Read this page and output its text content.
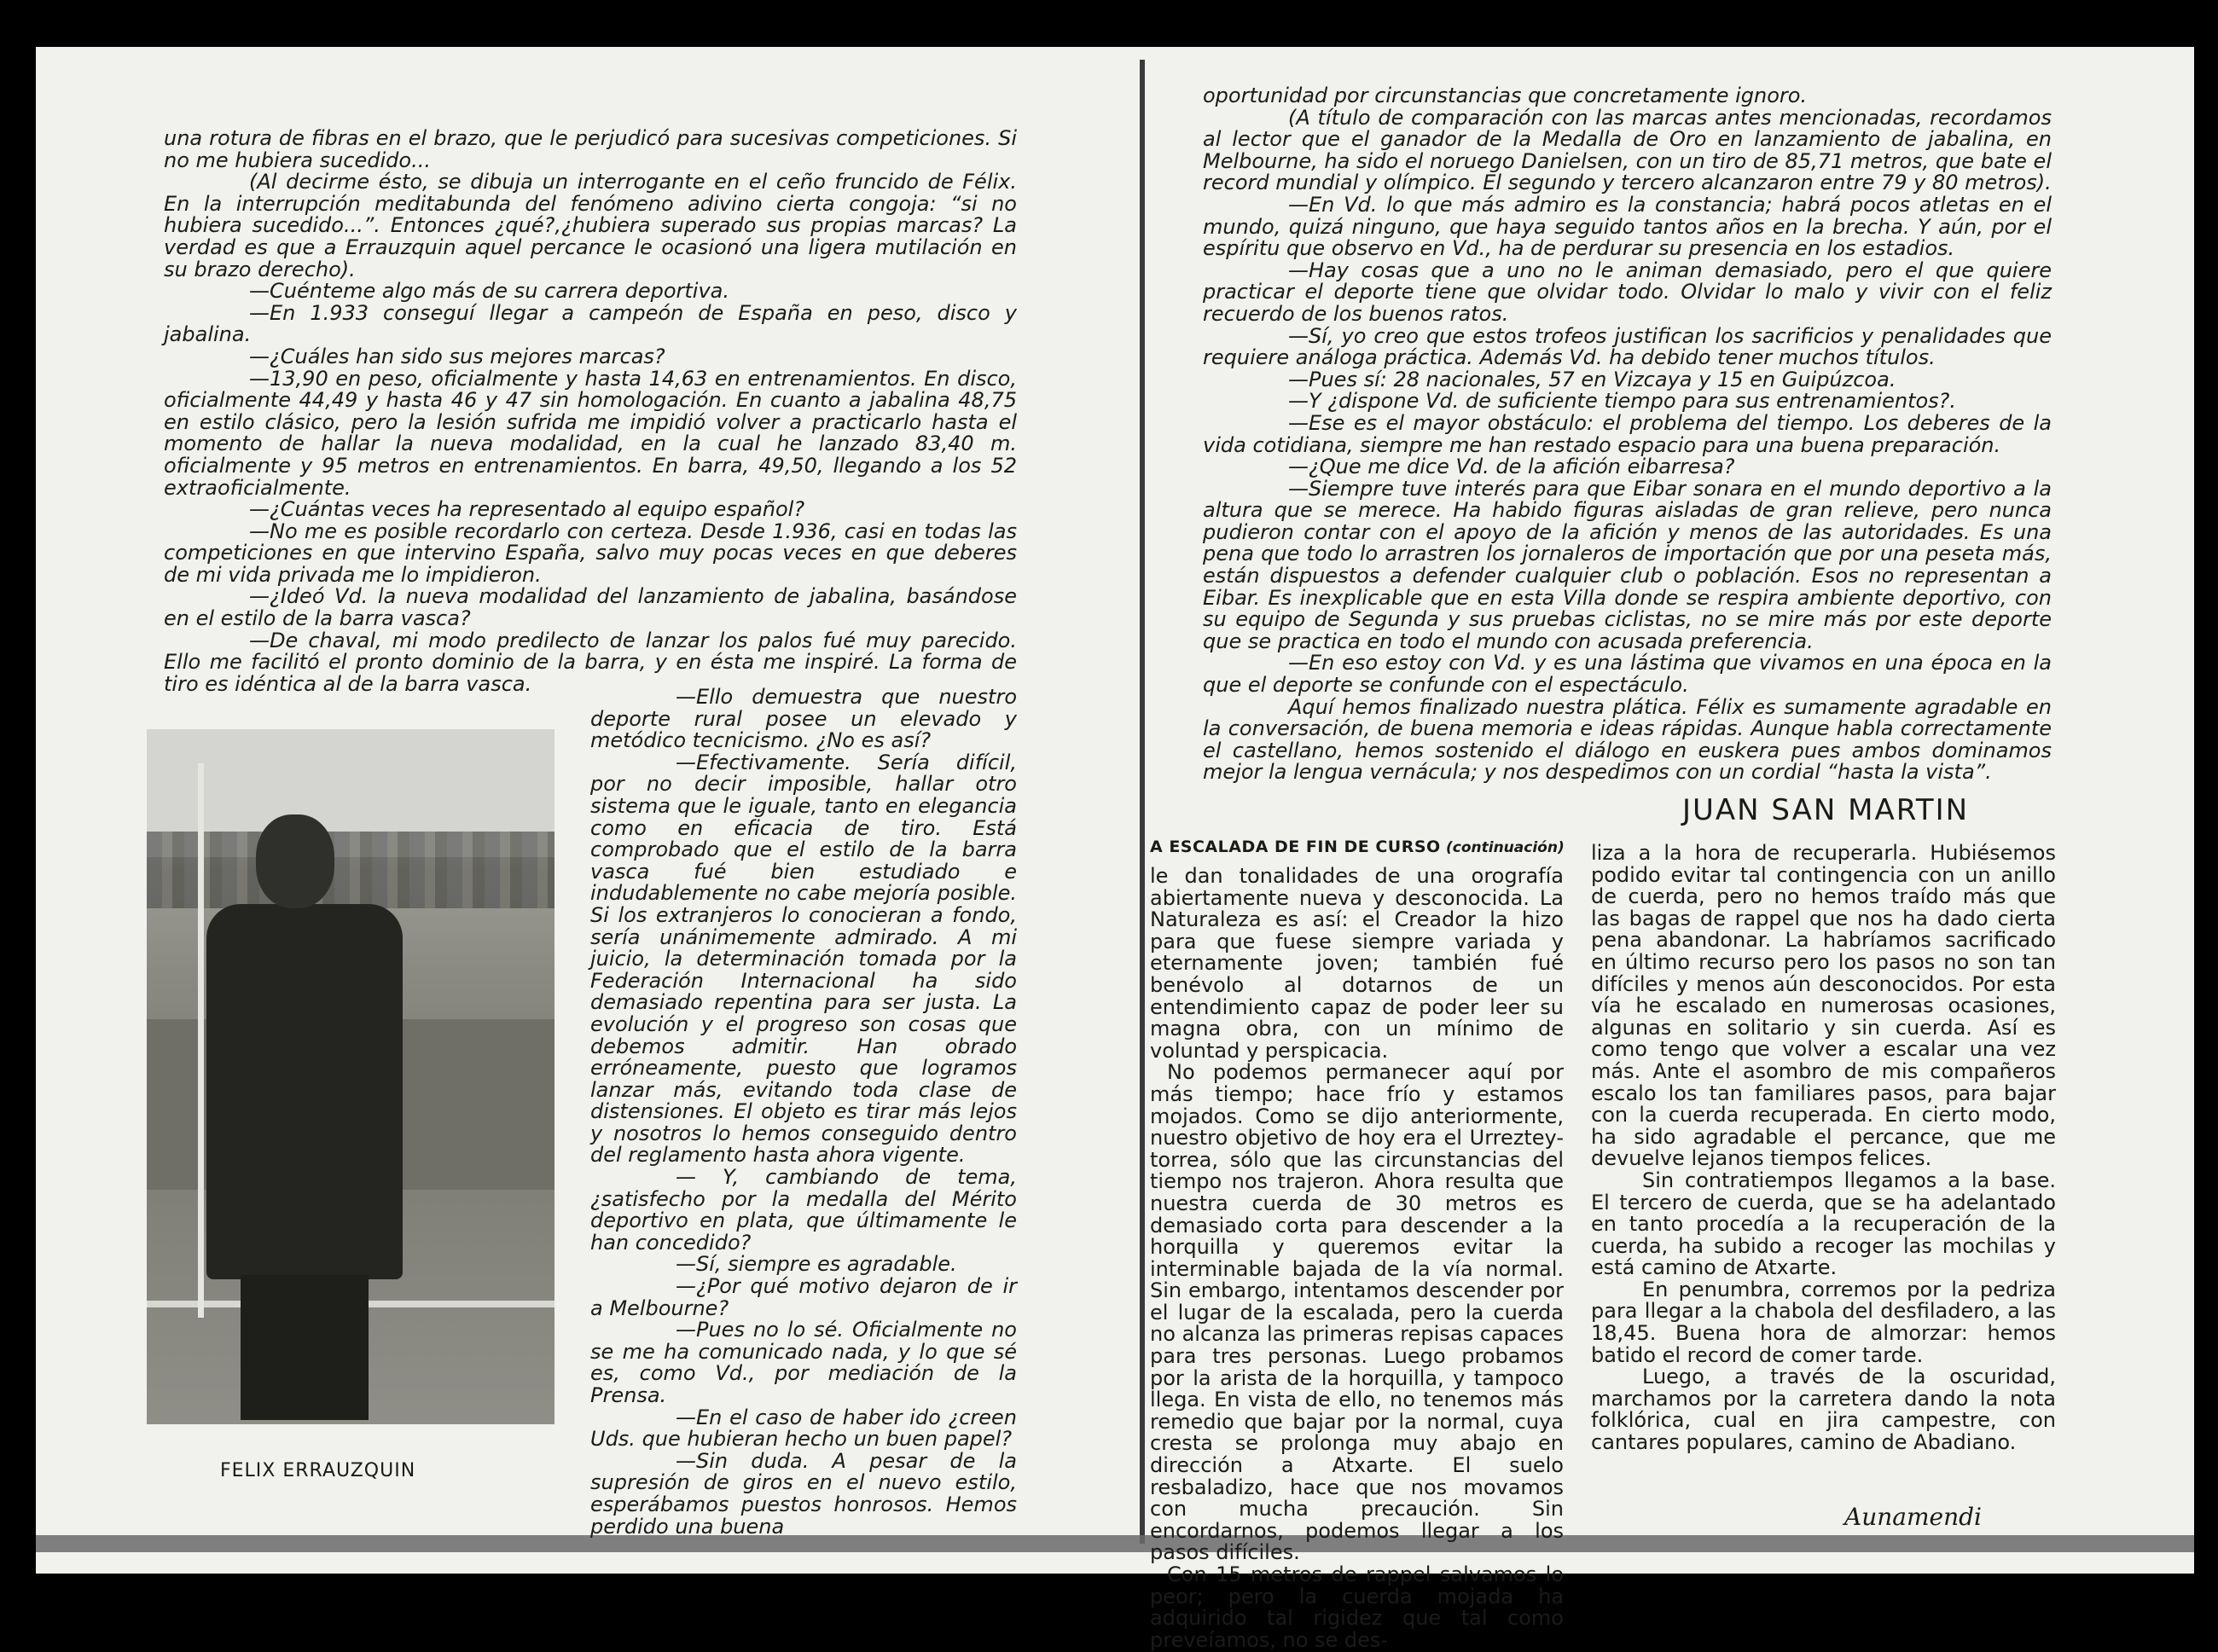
una rotura de fibras en el brazo, que le perjudicó para sucesivas competiciones. Si no me hubiera sucedido...

(Al decirme ésto, se dibuja un interrogante en el ceño fruncido de Félix. En la interrupción meditabunda del fenómeno adivino cierta congoja: “si no hubiera sucedido...”. Entonces ¿qué?,¿hubiera superado sus propias marcas? La verdad es que a Errauzquin aquel percance le ocasionó una ligera mutilación en su brazo derecho).

—Cuénteme algo más de su carrera deportiva.

—En 1.933 conseguí llegar a campeón de España en peso, disco y jabalina.

—¿Cuáles han sido sus mejores marcas?

—13,90 en peso, oficialmente y hasta 14,63 en entrenamientos. En disco, oficialmente 44,49 y hasta 46 y 47 sin homologación. En cuanto a jabalina 48,75 en estilo clásico, pero la lesión sufrida me impidió volver a practicarlo hasta el momento de hallar la nueva modalidad, en la cual he lanzado 83,40 m. oficialmente y 95 metros en entrenamientos. En barra, 49,50, llegando a los 52 extraoficialmente.

—¿Cuántas veces ha representado al equipo español?

—No me es posible recordarlo con certeza. Desde 1.936, casi en todas las competiciones en que intervino España, salvo muy pocas veces en que deberes de mi vida privada me lo impidieron.

—¿Ideó Vd. la nueva modalidad del lanzamiento de jabalina, basándose en el estilo de la barra vasca?

—De chaval, mi modo predilecto de lanzar los palos fué muy parecido. Ello me facilitó el pronto dominio de la barra, y en ésta me inspiré. La forma de tiro es idéntica al de la barra vasca.

FELIX ERRAUZQUIN

—Ello demuestra que nuestro deporte rural posee un elevado y metódico tecnicismo. ¿No es así?

—Efectivamente. Sería difícil, por no decir imposible, hallar otro sistema que le iguale, tanto en elegancia como en eficacia de tiro. Está comprobado que el estilo de la barra vasca fué bien estudiado e indudablemente no cabe mejoría posible. Si los extranjeros lo conocieran a fondo, sería unánimemente admirado. A mi juicio, la determinación tomada por la Federación Internacional ha sido demasiado repentina para ser justa. La evolución y el progreso son cosas que debemos admitir. Han obrado erróneamente, puesto que logramos lanzar más, evitando toda clase de distensiones. El objeto es tirar más lejos y nosotros lo hemos conseguido dentro del reglamento hasta ahora vigente.

— Y, cambiando de tema, ¿satisfecho por la medalla del Mérito deportivo en plata, que últimamente le han concedido?

—Sí, siempre es agradable.

—¿Por qué motivo dejaron de ir a Melbourne?

—Pues no lo sé. Oficialmente no se me ha comunicado nada, y lo que sé es, como Vd., por mediación de la Prensa.

—En el caso de haber ido ¿creen Uds. que hubieran hecho un buen papel?

—Sin duda. A pesar de la supresión de giros en el nuevo estilo, esperábamos puestos honrosos. Hemos perdido una buena

oportunidad por circunstancias que concretamente ignoro.

(A título de comparación con las marcas antes mencionadas, recordamos al lector que el ganador de la Medalla de Oro en lanzamiento de jabalina, en Melbourne, ha sido el noruego Danielsen, con un tiro de 85,71 metros, que bate el record mundial y olímpico. El segundo y tercero alcanzaron entre 79 y 80 metros).

—En Vd. lo que más admiro es la constancia; habrá pocos atletas en el mundo, quizá ninguno, que haya seguido tantos años en la brecha. Y aún, por el espíritu que observo en Vd., ha de perdurar su presencia en los estadios.

—Hay cosas que a uno no le animan demasiado, pero el que quiere practicar el deporte tiene que olvidar todo. Olvidar lo malo y vivir con el feliz recuerdo de los buenos ratos.

—Sí, yo creo que estos trofeos justifican los sacrificios y penalidades que requiere análoga práctica. Además Vd. ha debido tener muchos títulos.

—Pues sí: 28 nacionales, 57 en Vizcaya y 15 en Guipúzcoa.

—Y ¿dispone Vd. de suficiente tiempo para sus entrenamientos?.

—Ese es el mayor obstáculo: el problema del tiempo. Los deberes de la vida cotidiana, siempre me han restado espacio para una buena preparación.

—¿Que me dice Vd. de la afición eibarresa?

—Siempre tuve interés para que Eibar sonara en el mundo deportivo a la altura que se merece. Ha habido figuras aisladas de gran relieve, pero nunca pudieron contar con el apoyo de la afición y menos de las autoridades. Es una pena que todo lo arrastren los jornaleros de importación que por una peseta más, están dispuestos a defender cualquier club o población. Esos no representan a Eibar. Es inexplicable que en esta Villa donde se respira ambiente deportivo, con su equipo de Segunda y sus pruebas ciclistas, no se mire más por este deporte que se practica en todo el mundo con acusada preferencia.

—En eso estoy con Vd. y es una lástima que vivamos en una época en la que el deporte se confunde con el espectáculo.

Aquí hemos finalizado nuestra plática. Félix es sumamente agradable en la conversación, de buena memoria e ideas rápidas. Aunque habla correctamente el castellano, hemos sostenido el diálogo en euskera pues ambos dominamos mejor la lengua vernácula; y nos despedimos con un cordial “hasta la vista”.

JUAN SAN MARTIN
A ESCALADA DE FIN DE CURSO (continuación)

le dan tonalidades de una orografía abiertamente nueva y desconocida. La Naturaleza es así: el Creador la hizo para que fuese siempre variada y eternamente joven; también fué benévolo al dotarnos de un entendimiento capaz de poder leer su magna obra, con un mínimo de voluntad y perspicacia.

No podemos permanecer aquí por más tiempo; hace frío y estamos mojados. Como se dijo anteriormente, nuestro objetivo de hoy era el Urreztey-torrea, sólo que las circunstancias del tiempo nos trajeron. Ahora resulta que nuestra cuerda de 30 metros es demasiado corta para descender a la horquilla y queremos evitar la interminable bajada de la vía normal. Sin embargo, intentamos descender por el lugar de la escalada, pero la cuerda no alcanza las primeras repisas capaces para tres personas. Luego probamos por la arista de la horquilla, y tampoco llega. En vista de ello, no tenemos más remedio que bajar por la normal, cuya cresta se prolonga muy abajo en dirección a Atxarte. El suelo resbaladizo, hace que nos movamos con mucha precaución. Sin encordarnos, podemos llegar a los pasos difíciles.

Con 15 metros de rappel salvamos lo peor; pero la cuerda mojada ha adquirido tal rigidez que tal como preveíamos, no se des-

liza a la hora de recuperarla. Hubiésemos podido evitar tal contingencia con un anillo de cuerda, pero no hemos traído más que las bagas de rappel que nos ha dado cierta pena abandonar. La habríamos sacrificado en último recurso pero los pasos no son tan difíciles y menos aún desconocidos. Por esta vía he escalado en numerosas ocasiones, algunas en solitario y sin cuerda. Así es como tengo que volver a escalar una vez más. Ante el asombro de mis compañeros escalo los tan familiares pasos, para bajar con la cuerda recuperada. En cierto modo, ha sido agradable el percance, que me devuelve lejanos tiempos felices.

Sin contratiempos llegamos a la base. El tercero de cuerda, que se ha adelantado en tanto procedía a la recuperación de la cuerda, ha subido a recoger las mochilas y está camino de Atxarte.

En penumbra, corremos por la pedriza para llegar a la chabola del desfiladero, a las 18,45. Buena hora de almorzar: hemos batido el record de comer tarde.

Luego, a través de la oscuridad, marchamos por la carretera dando la nota folklórica, cual en jira campestre, con cantares populares, camino de Abadiano.

Aunamendi
